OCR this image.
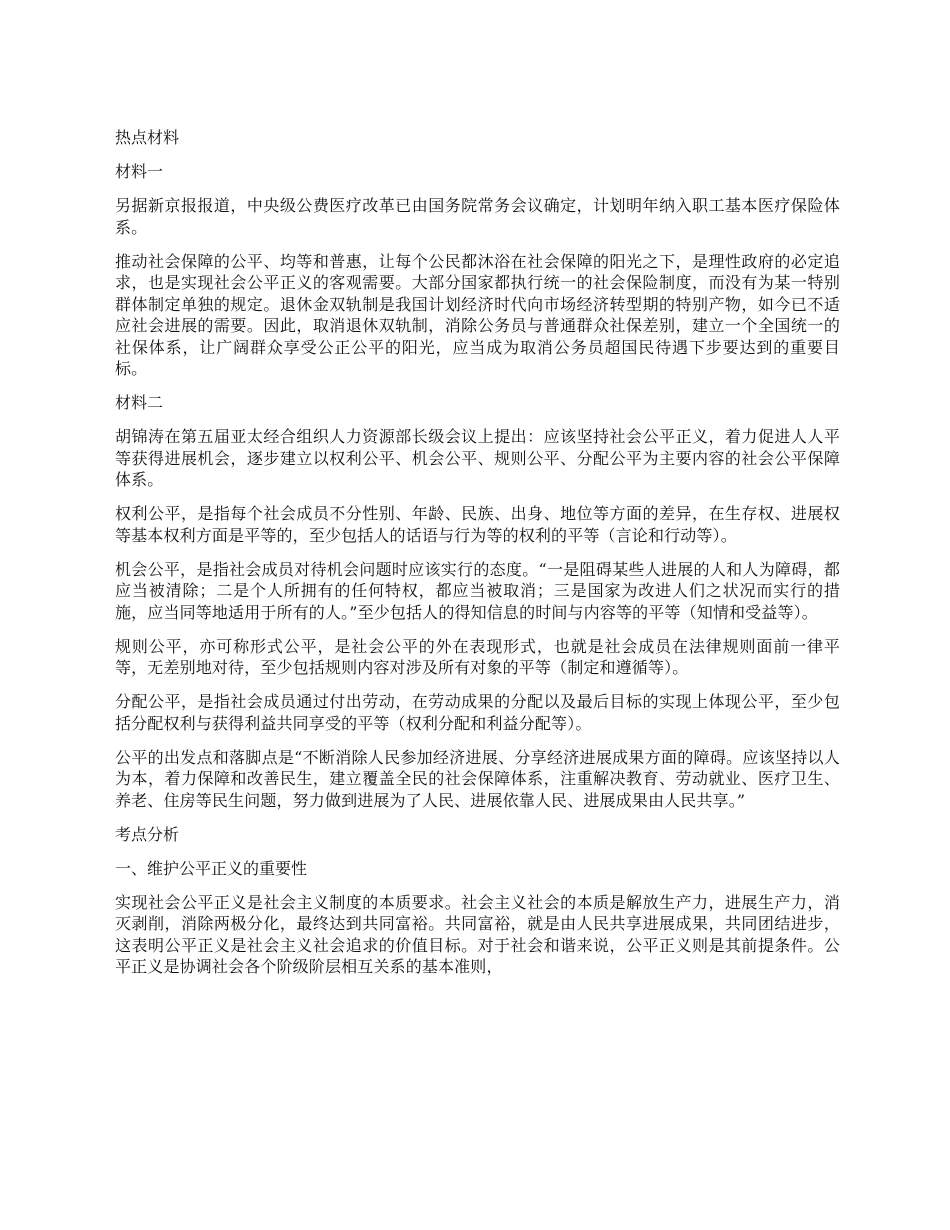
热点材料

材料一

另据新京报报道，中央级公费医疗改革已由国务院常务会议确定，计划明年纳入职工基本医疗保险体系。

推动社会保障的公平、均等和普惠，让每个公民都沐浴在社会保障的阳光之下，是理性政府的必定追求，也是实现社会公平正义的客观需要。大部分国家都执行统一的社会保险制度，而没有为某一特别群体制定单独的规定。退休金双轨制是我国计划经济时代向市场经济转型期的特别产物，如今已不适应社会进展的需要。因此，取消退休双轨制，消除公务员与普通群众社保差别，建立一个全国统一的社保体系，让广阔群众享受公正公平的阳光，应当成为取消公务员超国民待遇下步要达到的重要目标。

材料二

胡锦涛在第五届亚太经合组织人力资源部长级会议上提出：应该坚持社会公平正义，着力促进人人平等获得进展机会，逐步建立以权利公平、机会公平、规则公平、分配公平为主要内容的社会公平保障体系。

权利公平，是指每个社会成员不分性别、年龄、民族、出身、地位等方面的差异，在生存权、进展权等基本权利方面是平等的，至少包括人的话语与行为等的权利的平等（言论和行动等）。

机会公平，是指社会成员对待机会问题时应该实行的态度。“一是阻碍某些人进展的人和人为障碍，都应当被清除；二是个人所拥有的任何特权，都应当被取消；三是国家为改进人们之状况而实行的措施，应当同等地适用于所有的人。”至少包括人的得知信息的时间与内容等的平等（知情和受益等）。

规则公平，亦可称形式公平，是社会公平的外在表现形式，也就是社会成员在法律规则面前一律平等，无差别地对待，至少包括规则内容对涉及所有对象的平等（制定和遵循等）。

分配公平，是指社会成员通过付出劳动，在劳动成果的分配以及最后目标的实现上体现公平，至少包括分配权利与获得利益共同享受的平等（权利分配和利益分配等）。

公平的出发点和落脚点是“不断消除人民参加经济进展、分享经济进展成果方面的障碍。应该坚持以人为本，着力保障和改善民生，建立覆盖全民的社会保障体系，注重解决教育、劳动就业、医疗卫生、养老、住房等民生问题，努力做到进展为了人民、进展依靠人民、进展成果由人民共享。”

考点分析

一、维护公平正义的重要性

实现社会公平正义是社会主义制度的本质要求。社会主义社会的本质是解放生产力，进展生产力，消灭剥削，消除两极分化，最终达到共同富裕。共同富裕，就是由人民共享进展成果，共同团结进步，这表明公平正义是社会主义社会追求的价值目标。对于社会和谐来说，公平正义则是其前提条件。公平正义是协调社会各个阶级阶层相互关系的基本准则，
